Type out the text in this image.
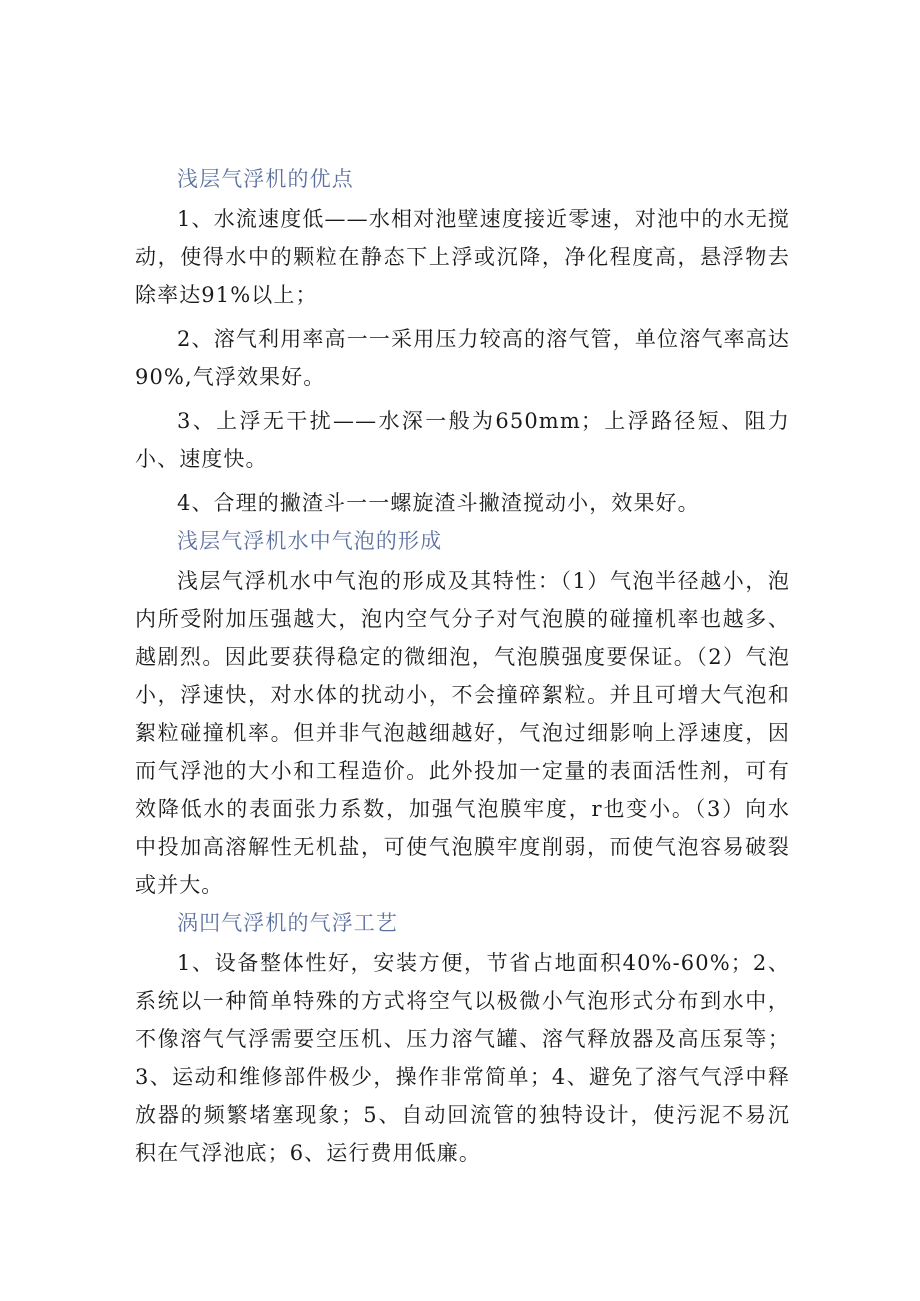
浅层气浮机的优点

1、水流速度低——水相对池壁速度接近零速，对池中的水无搅动，使得水中的颗粒在静态下上浮或沉降，净化程度高，悬浮物去除率达91%以上；

2、溶气利用率高一一采用压力较高的溶气管，单位溶气率高达90%,气浮效果好。

3、上浮无干扰——水深一般为650mm；上浮路径短、阻力小、速度快。

4、合理的撇渣斗一一螺旋渣斗撇渣搅动小，效果好。

浅层气浮机水中气泡的形成

浅层气浮机水中气泡的形成及其特性：（1）气泡半径越小，泡内所受附加压强越大，泡内空气分子对气泡膜的碰撞机率也越多、越剧烈。因此要获得稳定的微细泡，气泡膜强度要保证。（2）气泡小，浮速快，对水体的扰动小，不会撞碎絮粒。并且可增大气泡和絮粒碰撞机率。但并非气泡越细越好，气泡过细影响上浮速度，因而气浮池的大小和工程造价。此外投加一定量的表面活性剂，可有效降低水的表面张力系数，加强气泡膜牢度，r也变小。（3）向水中投加高溶解性无机盐，可使气泡膜牢度削弱，而使气泡容易破裂或并大。

涡凹气浮机的气浮工艺

1、设备整体性好，安装方便，节省占地面积40%-60%；2、系统以一种简单特殊的方式将空气以极微小气泡形式分布到水中，不像溶气气浮需要空压机、压力溶气罐、溶气释放器及高压泵等；3、运动和维修部件极少，操作非常简单；4、避免了溶气气浮中释放器的频繁堵塞现象；5、自动回流管的独特设计，使污泥不易沉积在气浮池底；6、运行费用低廉。
